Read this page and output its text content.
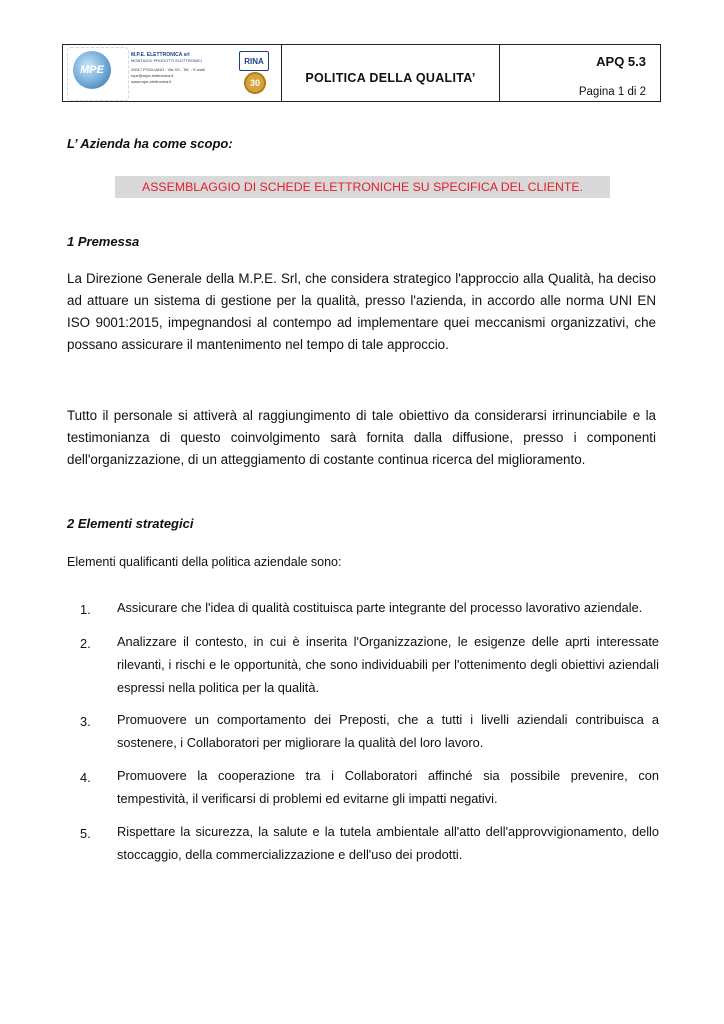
MPE
M.P.E. ELETTRONICA srl
MONTAGGI PRODOTTI ELETTRONICI
20017 POGLIANO - Via XX - Tel. - E-mail: mpe@mpe-elettronica.it
www.mpe-elettronica.it
RINA
30	POLITICA DELLA QUALITA’
APQ 5.3
Pagina 1 di 2
L’ Azienda ha come scopo:
ASSEMBLAGGIO DI SCHEDE ELETTRONICHE SU SPECIFICA DEL CLIENTE.
1 Premessa

La Direzione Generale della M.P.E. Srl, che considera strategico l'approccio alla Qualità, ha deciso ad attuare un sistema di gestione per la qualità, presso l'azienda, in accordo alle norma UNI EN ISO 9001:2015, impegnandosi al contempo ad implementare quei meccanismi organizzativi, che possano assicurare il mantenimento nel tempo di tale approccio.

Tutto il personale si attiverà al raggiungimento di tale obiettivo da considerarsi irrinunciabile e la testimonianza di questo coinvolgimento sarà fornita dalla diffusione, presso i componenti dell'organizzazione, di un atteggiamento di costante continua ricerca del miglioramento.

2 Elementi strategici
Elementi qualificanti della politica aziendale sono:
1.	Assicurare che l'idea di qualità costituisca parte integrante del processo lavorativo aziendale.
2.	Analizzare il contesto, in cui è inserita l'Organizzazione, le esigenze delle aprti interessate rilevanti, i rischi e le opportunità, che sono individuabili per l'ottenimento degli obiettivi aziendali espressi nella politica per la qualità.
3.	Promuovere un comportamento dei Preposti, che a tutti i livelli aziendali contribuisca a sostenere, i Collaboratori per migliorare la qualità del loro lavoro.
4.	Promuovere la cooperazione tra i Collaboratori affinché sia possibile prevenire, con tempestività, il verificarsi di problemi ed evitarne gli impatti negativi.
5.	Rispettare la sicurezza, la salute e la tutela ambientale all'atto dell'approvvigionamento, dello stoccaggio, della commercializzazione e dell'uso dei prodotti.
